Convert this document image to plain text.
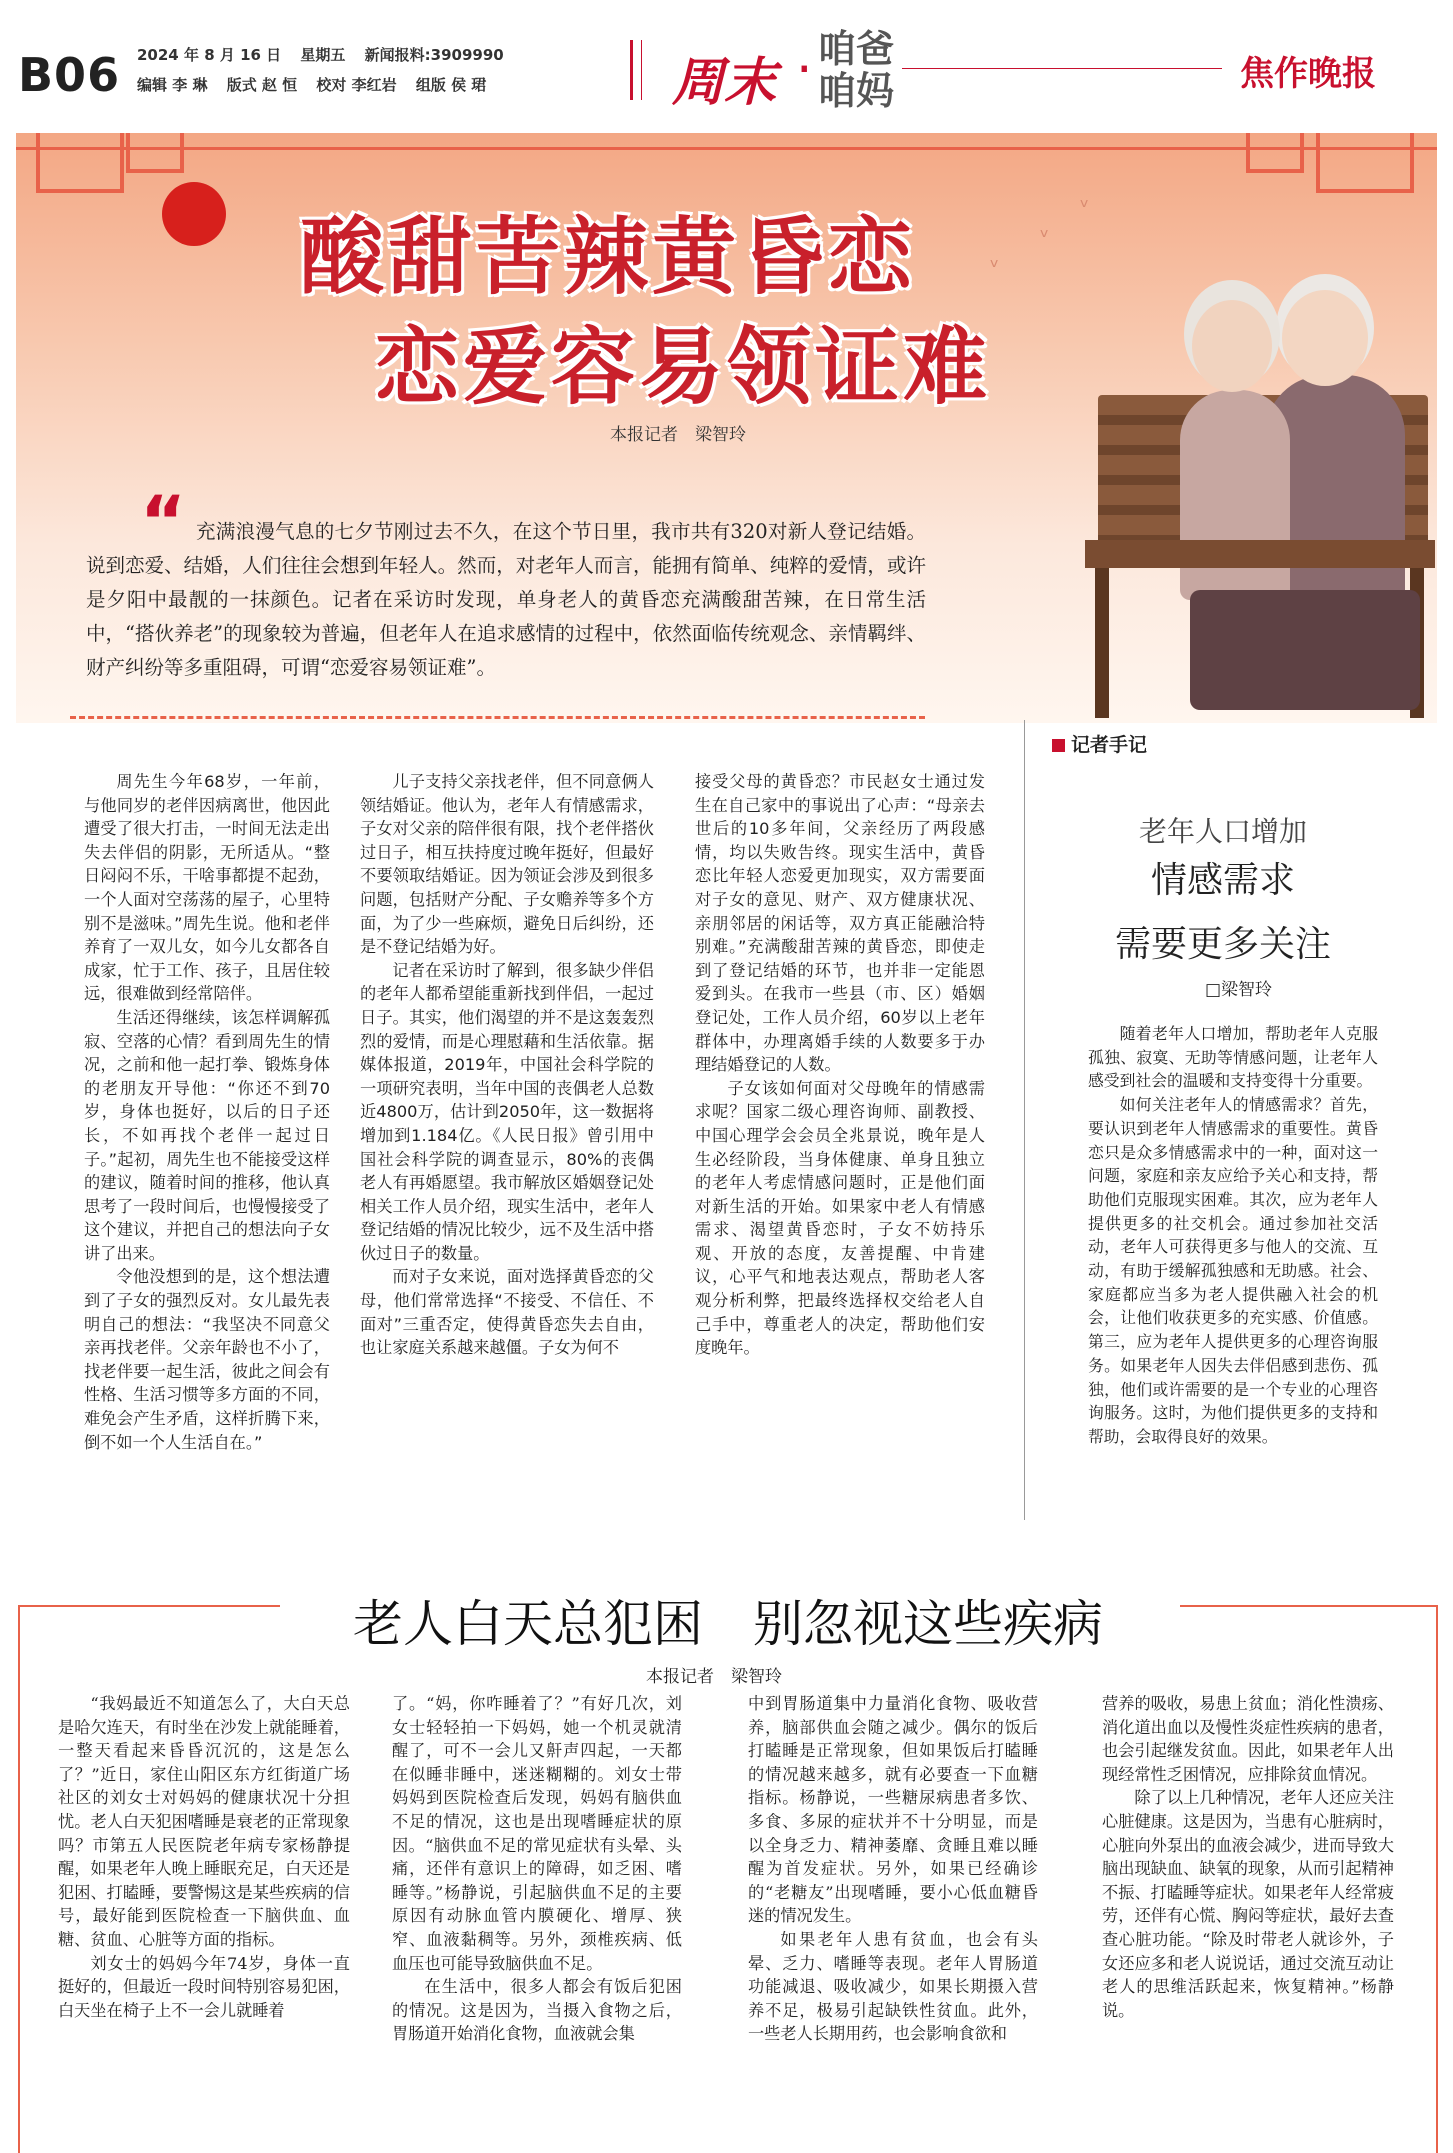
B06 2024 年 8 月 16 日 星期五 新闻报料:3909990
编辑 李 琳 版式 赵 恒 校对 李红岩 组版 侯 珺	周末 · 咱爸咱妈	焦作晚报
ᵛ
ᵛ
ᵛ
酸甜苦辣黄昏恋
恋爱容易领证难
本报记者　梁智玲
“ 充满浪漫气息的七夕节刚过去不久，在这个节日里，我市共有320对新人登记结婚。说到恋爱、结婚，人们往往会想到年轻人。然而，对老年人而言，能拥有简单、纯粹的爱情，或许是夕阳中最靓的一抹颜色。记者在采访时发现，单身老人的黄昏恋充满酸甜苦辣，在日常生活中，“搭伙养老”的现象较为普遍，但老年人在追求感情的过程中，依然面临传统观念、亲情羁绊、财产纠纷等多重阻碍，可谓“恋爱容易领证难”。

周先生今年68岁，一年前，与他同岁的老伴因病离世，他因此遭受了很大打击，一时间无法走出失去伴侣的阴影，无所适从。“整日闷闷不乐，干啥事都提不起劲，一个人面对空荡荡的屋子，心里特别不是滋味。”周先生说。他和老伴养育了一双儿女，如今儿女都各自成家，忙于工作、孩子，且居住较远，很难做到经常陪伴。

生活还得继续，该怎样调解孤寂、空落的心情？看到周先生的情况，之前和他一起打拳、锻炼身体的老朋友开导他：“你还不到70岁，身体也挺好，以后的日子还长，不如再找个老伴一起过日子。”起初，周先生也不能接受这样的建议，随着时间的推移，他认真思考了一段时间后，也慢慢接受了这个建议，并把自己的想法向子女讲了出来。

令他没想到的是，这个想法遭到了子女的强烈反对。女儿最先表明自己的想法：“我坚决不同意父亲再找老伴。父亲年龄也不小了，找老伴要一起生活，彼此之间会有性格、生活习惯等多方面的不同，难免会产生矛盾，这样折腾下来，倒不如一个人生活自在。”

儿子支持父亲找老伴，但不同意俩人领结婚证。他认为，老年人有情感需求，子女对父亲的陪伴很有限，找个老伴搭伙过日子，相互扶持度过晚年挺好，但最好不要领取结婚证。因为领证会涉及到很多问题，包括财产分配、子女赡养等多个方面，为了少一些麻烦，避免日后纠纷，还是不登记结婚为好。

记者在采访时了解到，很多缺少伴侣的老年人都希望能重新找到伴侣，一起过日子。其实，他们渴望的并不是这轰轰烈烈的爱情，而是心理慰藉和生活依靠。据媒体报道，2019年，中国社会科学院的一项研究表明，当年中国的丧偶老人总数近4800万，估计到2050年，这一数据将增加到1.184亿。《人民日报》曾引用中国社会科学院的调查显示，80%的丧偶老人有再婚愿望。我市解放区婚姻登记处相关工作人员介绍，现实生活中，老年人登记结婚的情况比较少，远不及生活中搭伙过日子的数量。

而对子女来说，面对选择黄昏恋的父母，他们常常选择“不接受、不信任、不面对”三重否定，使得黄昏恋失去自由，也让家庭关系越来越僵。子女为何不

接受父母的黄昏恋？市民赵女士通过发生在自己家中的事说出了心声：“母亲去世后的10多年间，父亲经历了两段感情，均以失败告终。现实生活中，黄昏恋比年轻人恋爱更加现实，双方需要面对子女的意见、财产、双方健康状况、亲朋邻居的闲话等，双方真正能融洽特别难。”充满酸甜苦辣的黄昏恋，即使走到了登记结婚的环节，也并非一定能恩爱到头。在我市一些县（市、区）婚姻登记处，工作人员介绍，60岁以上老年群体中，办理离婚手续的人数要多于办理结婚登记的人数。

子女该如何面对父母晚年的情感需求呢？国家二级心理咨询师、副教授、中国心理学会会员全兆景说，晚年是人生必经阶段，当身体健康、单身且独立的老年人考虑情感问题时，正是他们面对新生活的开始。如果家中老人有情感需求、渴望黄昏恋时，子女不妨持乐观、开放的态度，友善提醒、中肯建议，心平气和地表达观点，帮助老人客观分析利弊，把最终选择权交给老人自己手中，尊重老人的决定，帮助他们安度晚年。

记者手记
老年人口增加
情感需求
需要更多关注
□梁智玲

随着老年人口增加，帮助老年人克服孤独、寂寞、无助等情感问题，让老年人感受到社会的温暖和支持变得十分重要。

如何关注老年人的情感需求？首先，要认识到老年人情感需求的重要性。黄昏恋只是众多情感需求中的一种，面对这一问题，家庭和亲友应给予关心和支持，帮助他们克服现实困难。其次，应为老年人提供更多的社交机会。通过参加社交活动，老年人可获得更多与他人的交流、互动，有助于缓解孤独感和无助感。社会、家庭都应当多为老人提供融入社会的机会，让他们收获更多的充实感、价值感。第三，应为老年人提供更多的心理咨询服务。如果老年人因失去伴侣感到悲伤、孤独，他们或许需要的是一个专业的心理咨询服务。这时，为他们提供更多的支持和帮助，会取得良好的效果。

老人白天总犯困　别忽视这些疾病
本报记者　梁智玲

“我妈最近不知道怎么了，大白天总是哈欠连天，有时坐在沙发上就能睡着，一整天看起来昏昏沉沉的，这是怎么了？”近日，家住山阳区东方红街道广场社区的刘女士对妈妈的健康状况十分担忧。老人白天犯困嗜睡是衰老的正常现象吗？市第五人民医院老年病专家杨静提醒，如果老年人晚上睡眠充足，白天还是犯困、打瞌睡，要警惕这是某些疾病的信号，最好能到医院检查一下脑供血、血糖、贫血、心脏等方面的指标。

刘女士的妈妈今年74岁，身体一直挺好的，但最近一段时间特别容易犯困，白天坐在椅子上不一会儿就睡着

了。“妈，你咋睡着了？”有好几次，刘女士轻轻拍一下妈妈，她一个机灵就清醒了，可不一会儿又鼾声四起，一天都在似睡非睡中，迷迷糊糊的。刘女士带妈妈到医院检查后发现，妈妈有脑供血不足的情况，这也是出现嗜睡症状的原因。“脑供血不足的常见症状有头晕、头痛，还伴有意识上的障碍，如乏困、嗜睡等。”杨静说，引起脑供血不足的主要原因有动脉血管内膜硬化、增厚、狭窄、血液黏稠等。另外，颈椎疾病、低血压也可能导致脑供血不足。

在生活中，很多人都会有饭后犯困的情况。这是因为，当摄入食物之后，胃肠道开始消化食物，血液就会集

中到胃肠道集中力量消化食物、吸收营养，脑部供血会随之减少。偶尔的饭后打瞌睡是正常现象，但如果饭后打瞌睡的情况越来越多，就有必要查一下血糖指标。杨静说，一些糖尿病患者多饮、多食、多尿的症状并不十分明显，而是以全身乏力、精神萎靡、贪睡且难以睡醒为首发症状。另外，如果已经确诊的“老糖友”出现嗜睡，要小心低血糖昏迷的情况发生。

如果老年人患有贫血，也会有头晕、乏力、嗜睡等表现。老年人胃肠道功能减退、吸收减少，如果长期摄入营养不足，极易引起缺铁性贫血。此外，一些老人长期用药，也会影响食欲和

营养的吸收，易患上贫血；消化性溃疡、消化道出血以及慢性炎症性疾病的患者，也会引起继发贫血。因此，如果老年人出现经常性乏困情况，应排除贫血情况。

除了以上几种情况，老年人还应关注心脏健康。这是因为，当患有心脏病时，心脏向外泵出的血液会减少，进而导致大脑出现缺血、缺氧的现象，从而引起精神不振、打瞌睡等症状。如果老年人经常疲劳，还伴有心慌、胸闷等症状，最好去查查心脏功能。“除及时带老人就诊外，子女还应多和老人说说话，通过交流互动让老人的思维活跃起来，恢复精神。”杨静说。
